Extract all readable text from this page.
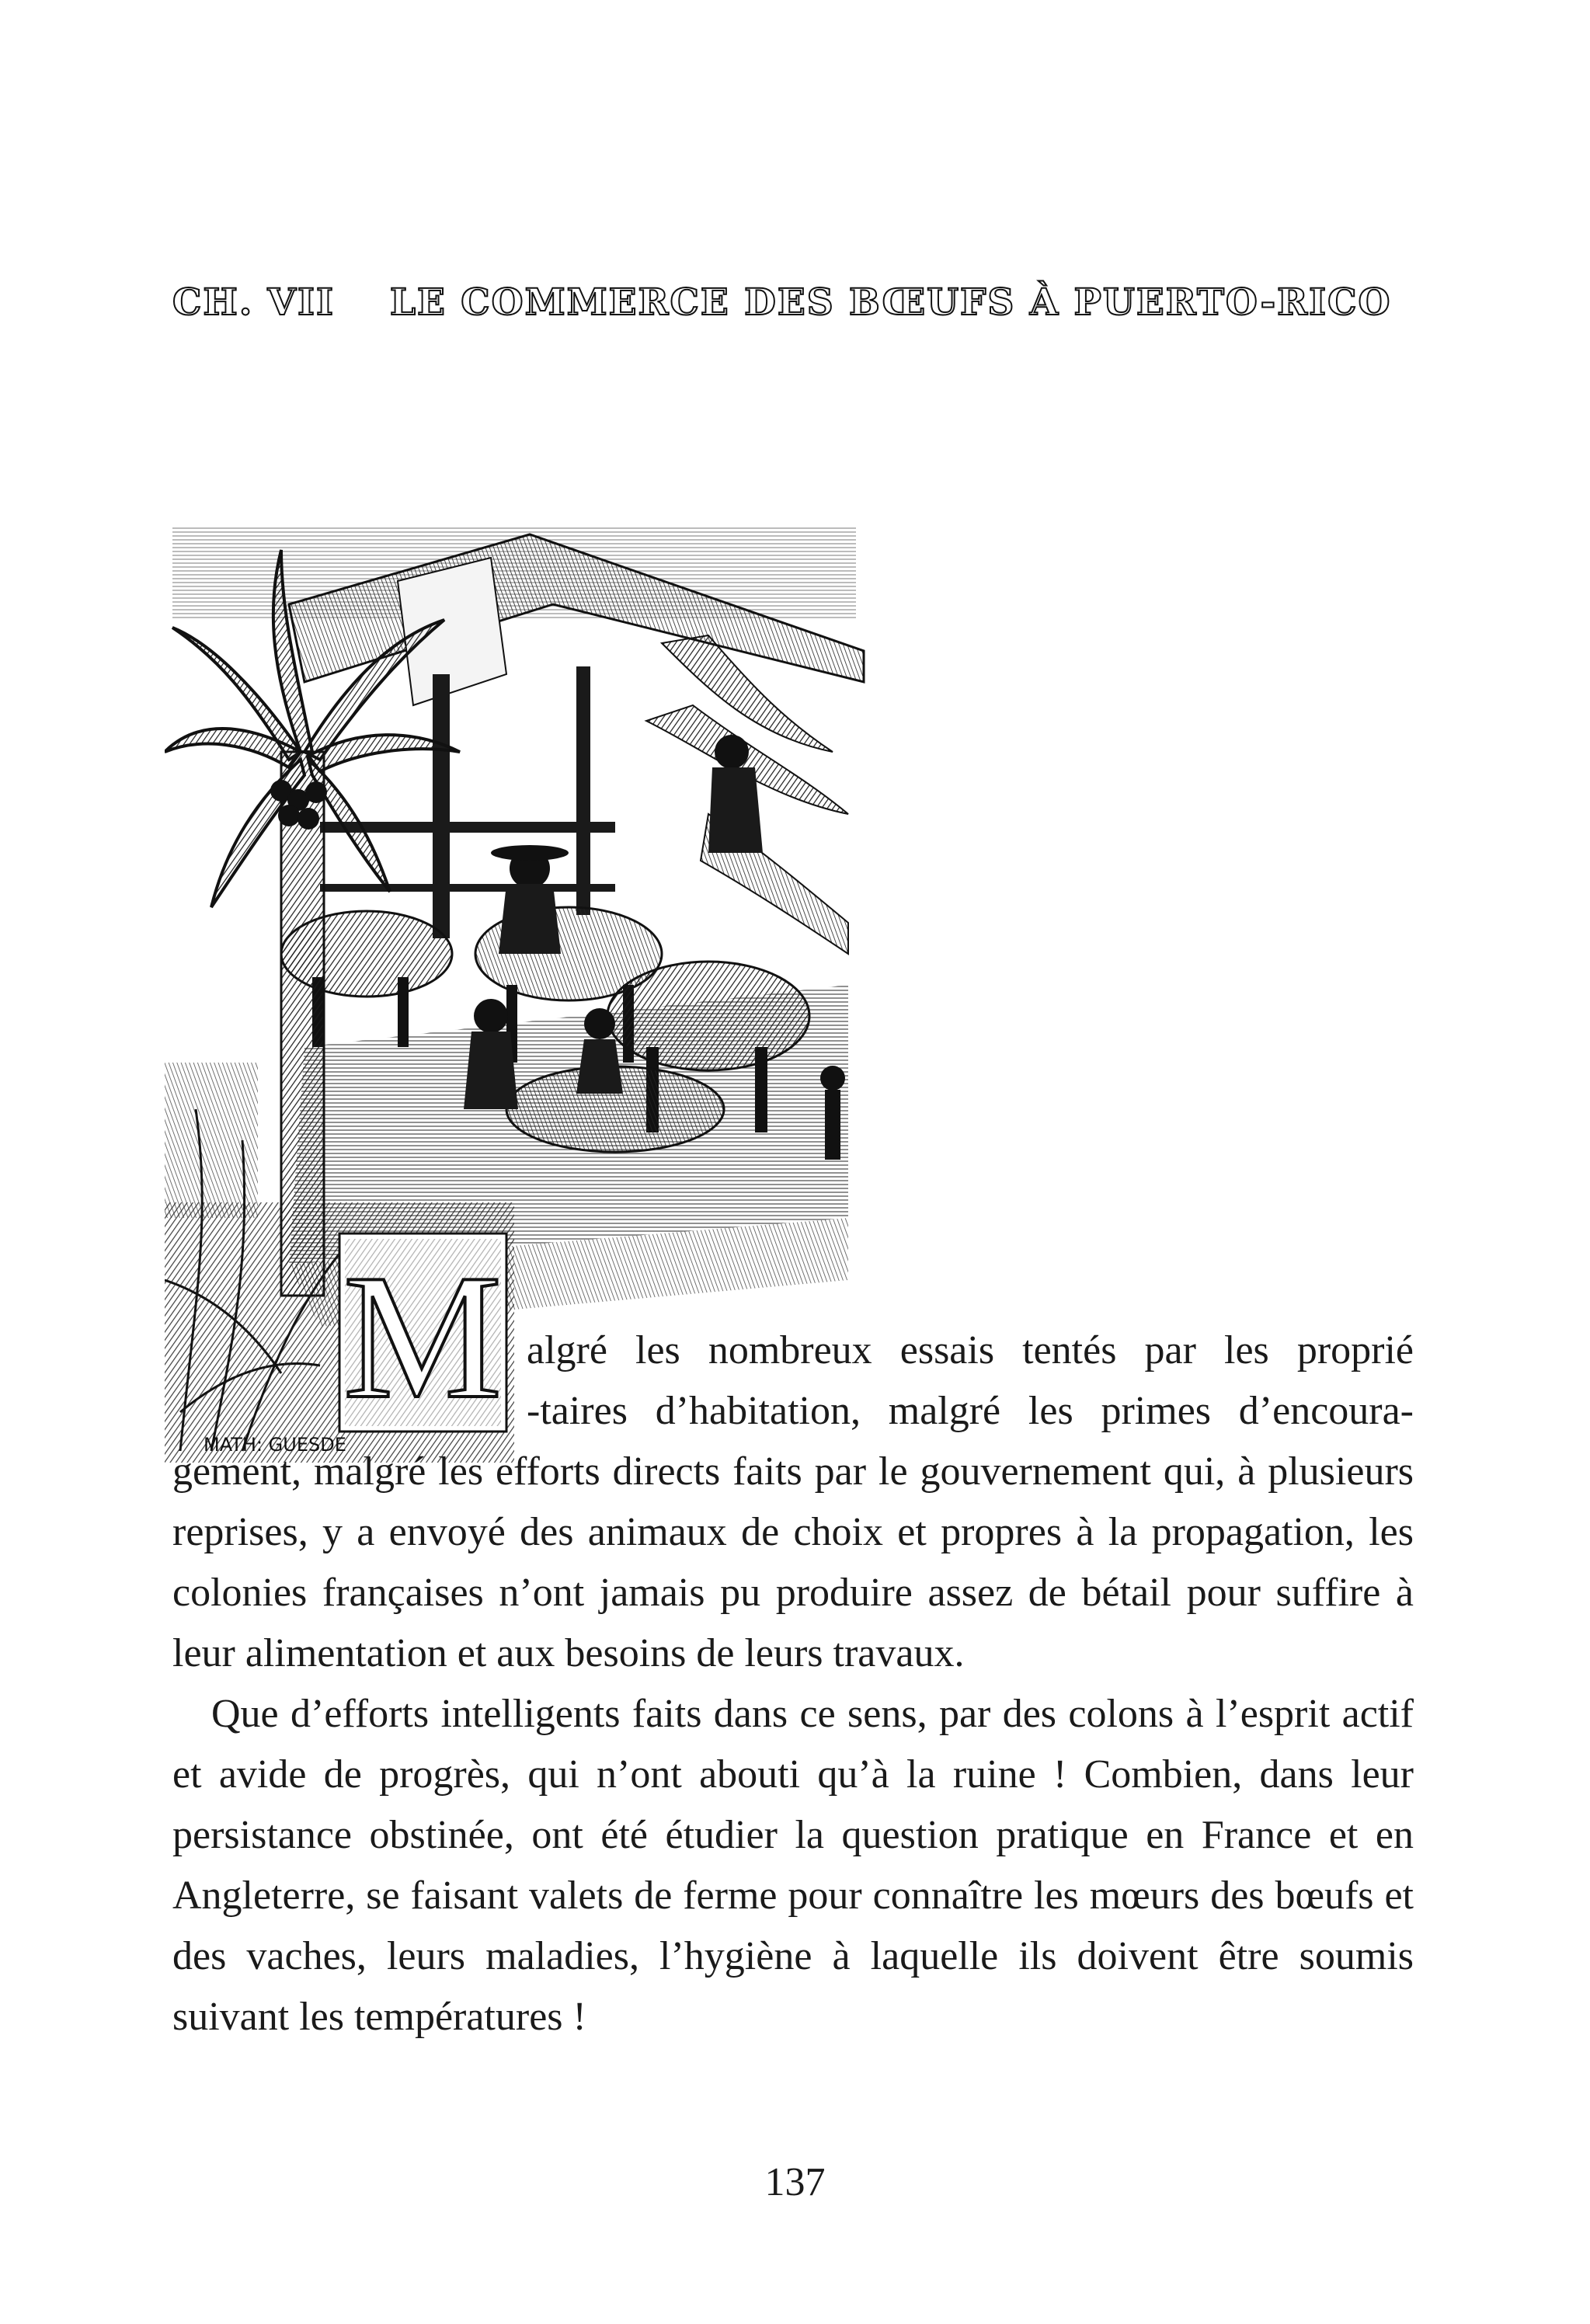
CH. VII LE COMMERCE DES BŒUFS À PUERTO-RICO
M
MATH: GUESDE

algré les nombreux essais tentés par les proprié
-taires d’habitation, malgré les primes d’encoura-
gement, malgré les efforts directs faits par le gouvernement qui, à plusieurs reprises, y a envoyé des animaux de choix et propres à la propagation, les colonies françaises n’ont jamais pu produire assez de bétail pour suffire à leur alimentation et aux besoins de leurs travaux.

Que d’efforts intelligents faits dans ce sens, par des colons à l’esprit actif et avide de progrès, qui n’ont abouti qu’à la ruine ! Combien, dans leur persistance obstinée, ont été étudier la question pratique en France et en Angleterre, se faisant valets de ferme pour connaître les mœurs des bœufs et des vaches, leurs maladies, l’hygiène à laquelle ils doivent être soumis suivant les températures !

137
